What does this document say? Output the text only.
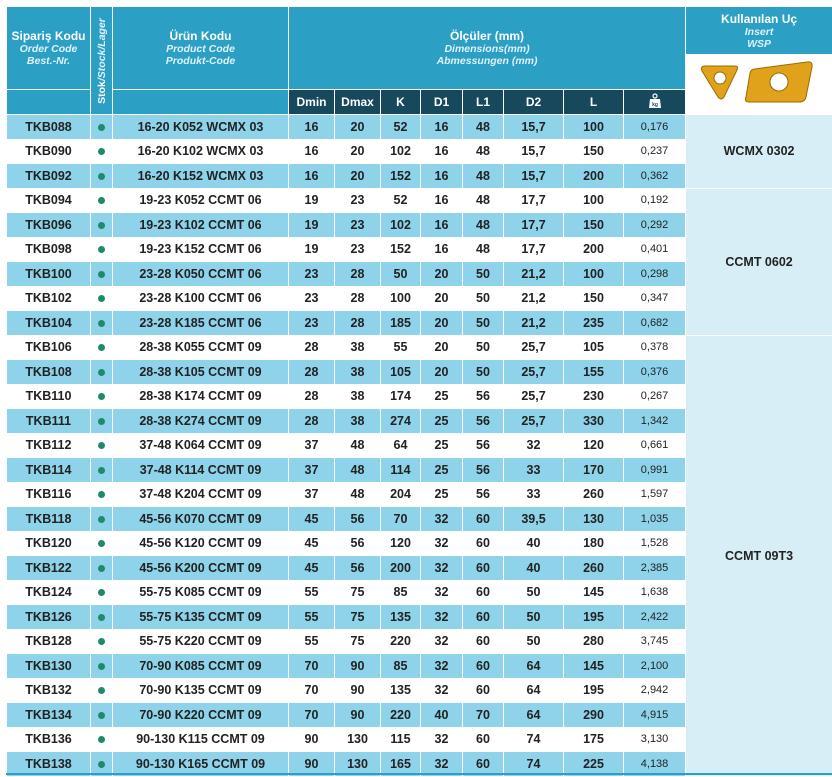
Sipariş Kodu
Order Code
Best.-Nr.	Stok/Stock/Lager	Ürün Kodu
Product Code
Produkt-Code	Ölçüler (mm)
Dimensions(mm)
Abmessungen (mm)								Kullanılan Uç
Insert
WSP

			Dmin	Dmax	K	D1	L1	D2	L	kg	

TKB088		16-20 K052 WCMX 03	16	20	52	16	48	15,7	100	0,176	WCMX 0302
TKB090		16-20 K102 WCMX 03	16	20	102	16	48	15,7	150	0,237	
TKB092		16-20 K152 WCMX 03	16	20	152	16	48	15,7	200	0,362	
TKB094		19-23 K052 CCMT 06	19	23	52	16	48	17,7	100	0,192	CCMT 0602
TKB096		19-23 K102 CCMT 06	19	23	102	16	48	17,7	150	0,292	
TKB098		19-23 K152 CCMT 06	19	23	152	16	48	17,7	200	0,401	
TKB100		23-28 K050 CCMT 06	23	28	50	20	50	21,2	100	0,298	
TKB102		23-28 K100 CCMT 06	23	28	100	20	50	21,2	150	0,347	
TKB104		23-28 K185 CCMT 06	23	28	185	20	50	21,2	235	0,682	
TKB106		28-38 K055 CCMT 09	28	38	55	20	50	25,7	105	0,378	CCMT 09T3
TKB108		28-38 K105 CCMT 09	28	38	105	20	50	25,7	155	0,376	
TKB110		28-38 K174 CCMT 09	28	38	174	25	56	25,7	230	0,267	
TKB111		28-38 K274 CCMT 09	28	38	274	25	56	25,7	330	1,342	
TKB112		37-48 K064 CCMT 09	37	48	64	25	56	32	120	0,661	
TKB114		37-48 K114 CCMT 09	37	48	114	25	56	33	170	0,991	
TKB116		37-48 K204 CCMT 09	37	48	204	25	56	33	260	1,597	
TKB118		45-56 K070 CCMT 09	45	56	70	32	60	39,5	130	1,035	
TKB120		45-56 K120 CCMT 09	45	56	120	32	60	40	180	1,528	
TKB122		45-56 K200 CCMT 09	45	56	200	32	60	40	260	2,385	
TKB124		55-75 K085 CCMT 09	55	75	85	32	60	50	145	1,638	
TKB126		55-75 K135 CCMT 09	55	75	135	32	60	50	195	2,422	
TKB128		55-75 K220 CCMT 09	55	75	220	32	60	50	280	3,745	
TKB130		70-90 K085 CCMT 09	70	90	85	32	60	64	145	2,100	
TKB132		70-90 K135 CCMT 09	70	90	135	32	60	64	195	2,942	
TKB134		70-90 K220 CCMT 09	70	90	220	40	70	64	290	4,915	
TKB136		90-130 K115 CCMT 09	90	130	115	32	60	74	175	3,130	
TKB138		90-130 K165 CCMT 09	90	130	165	32	60	74	225	4,138	
